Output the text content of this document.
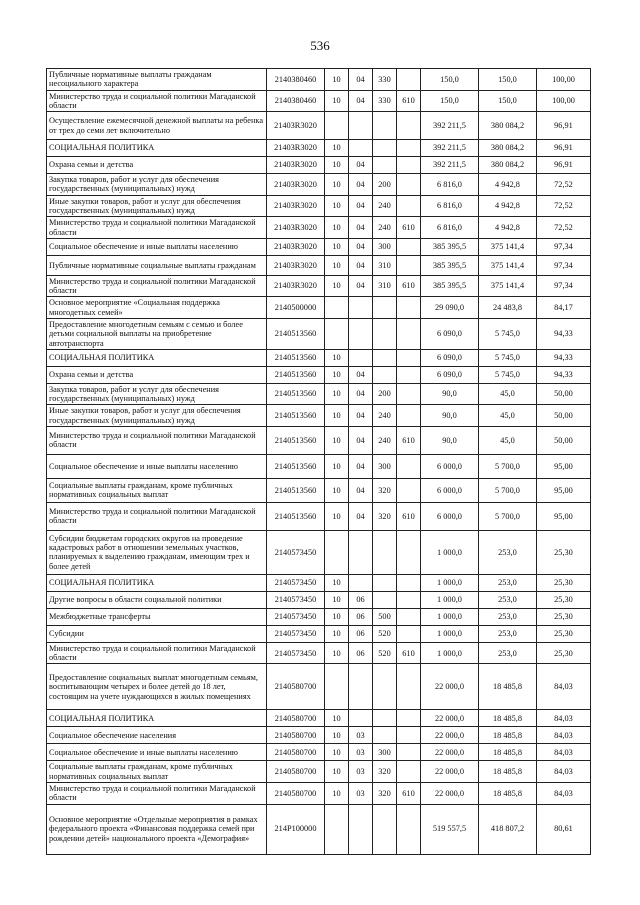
536
Публичные нормативные выплаты гражданам несоциального характера	2140380460	10	04	330		150,0	150,0	100,00
Министерство труда и социальной политики Магаданской области	2140380460	10	04	330	610	150,0	150,0	100,00
Осуществление ежемесячной денежной выплаты на ребенка от трех до семи лет включительно	21403R3020					392 211,5	380 084,2	96,91
СОЦИАЛЬНАЯ ПОЛИТИКА	21403R3020	10				392 211,5	380 084,2	96,91
Охрана семьи и детства	21403R3020	10	04			392 211,5	380 084,2	96,91
Закупка товаров, работ и услуг для обеспечения государственных (муниципальных) нужд	21403R3020	10	04	200		6 816,0	4 942,8	72,52
Иные закупки товаров, работ и услуг для обеспечения государственных (муниципальных) нужд	21403R3020	10	04	240		6 816,0	4 942,8	72,52
Министерство труда и социальной политики Магаданской области	21403R3020	10	04	240	610	6 816,0	4 942,8	72,52
Социальное обеспечение и иные выплаты населению	21403R3020	10	04	300		385 395,5	375 141,4	97,34
Публичные нормативные социальные выплаты гражданам	21403R3020	10	04	310		385 395,5	375 141,4	97,34
Министерство труда и социальной политики Магаданской области	21403R3020	10	04	310	610	385 395,5	375 141,4	97,34
Основное мероприятие «Социальная поддержка многодетных семей»	2140500000					29 090,0	24 483,8	84,17
Предоставление многодетным семьям с семью и более детьми социальной выплаты на приобретение автотранспорта	2140513560					6 090,0	5 745,0	94,33
СОЦИАЛЬНАЯ ПОЛИТИКА	2140513560	10				6 090,0	5 745,0	94,33
Охрана семьи и детства	2140513560	10	04			6 090,0	5 745,0	94,33
Закупка товаров, работ и услуг для обеспечения государственных (муниципальных) нужд	2140513560	10	04	200		90,0	45,0	50,00
Иные закупки товаров, работ и услуг для обеспечения государственных (муниципальных) нужд	2140513560	10	04	240		90,0	45,0	50,00
Министерство труда и социальной политики Магаданской области	2140513560	10	04	240	610	90,0	45,0	50,00
Социальное обеспечение и иные выплаты населению	2140513560	10	04	300		6 000,0	5 700,0	95,00
Социальные выплаты гражданам, кроме публичных нормативных социальных выплат	2140513560	10	04	320		6 000,0	5 700,0	95,00
Министерство труда и социальной политики Магаданской области	2140513560	10	04	320	610	6 000,0	5 700,0	95,00
Субсидии бюджетам городских округов на проведение кадастровых работ в отношении земельных участков, планируемых к выделению гражданам, имеющим трех и более детей	2140573450					1 000,0	253,0	25,30
СОЦИАЛЬНАЯ ПОЛИТИКА	2140573450	10				1 000,0	253,0	25,30
Другие вопросы в области социальной политики	2140573450	10	06			1 000,0	253,0	25,30
Межбюджетные трансферты	2140573450	10	06	500		1 000,0	253,0	25,30
Субсидии	2140573450	10	06	520		1 000,0	253,0	25,30
Министерство труда и социальной политики Магаданской области	2140573450	10	06	520	610	1 000,0	253,0	25,30
Предоставление социальных выплат многодетным семьям, воспитывающим четырех и более детей до 18 лет, состоящим на учете нуждающихся в жилых помещениях	2140580700					22 000,0	18 485,8	84,03
СОЦИАЛЬНАЯ ПОЛИТИКА	2140580700	10				22 000,0	18 485,8	84,03
Социальное обеспечение населения	2140580700	10	03			22 000,0	18 485,8	84,03
Социальное обеспечение и иные выплаты населению	2140580700	10	03	300		22 000,0	18 485,8	84,03
Социальные выплаты гражданам, кроме публичных нормативных социальных выплат	2140580700	10	03	320		22 000,0	18 485,8	84,03
Министерство труда и социальной политики Магаданской области	2140580700	10	03	320	610	22 000,0	18 485,8	84,03
Основное мероприятие «Отдельные мероприятия в рамках федерального проекта «Финансовая поддержка семей при рождении детей» национального проекта «Демография»	214P100000					519 557,5	418 807,2	80,61
